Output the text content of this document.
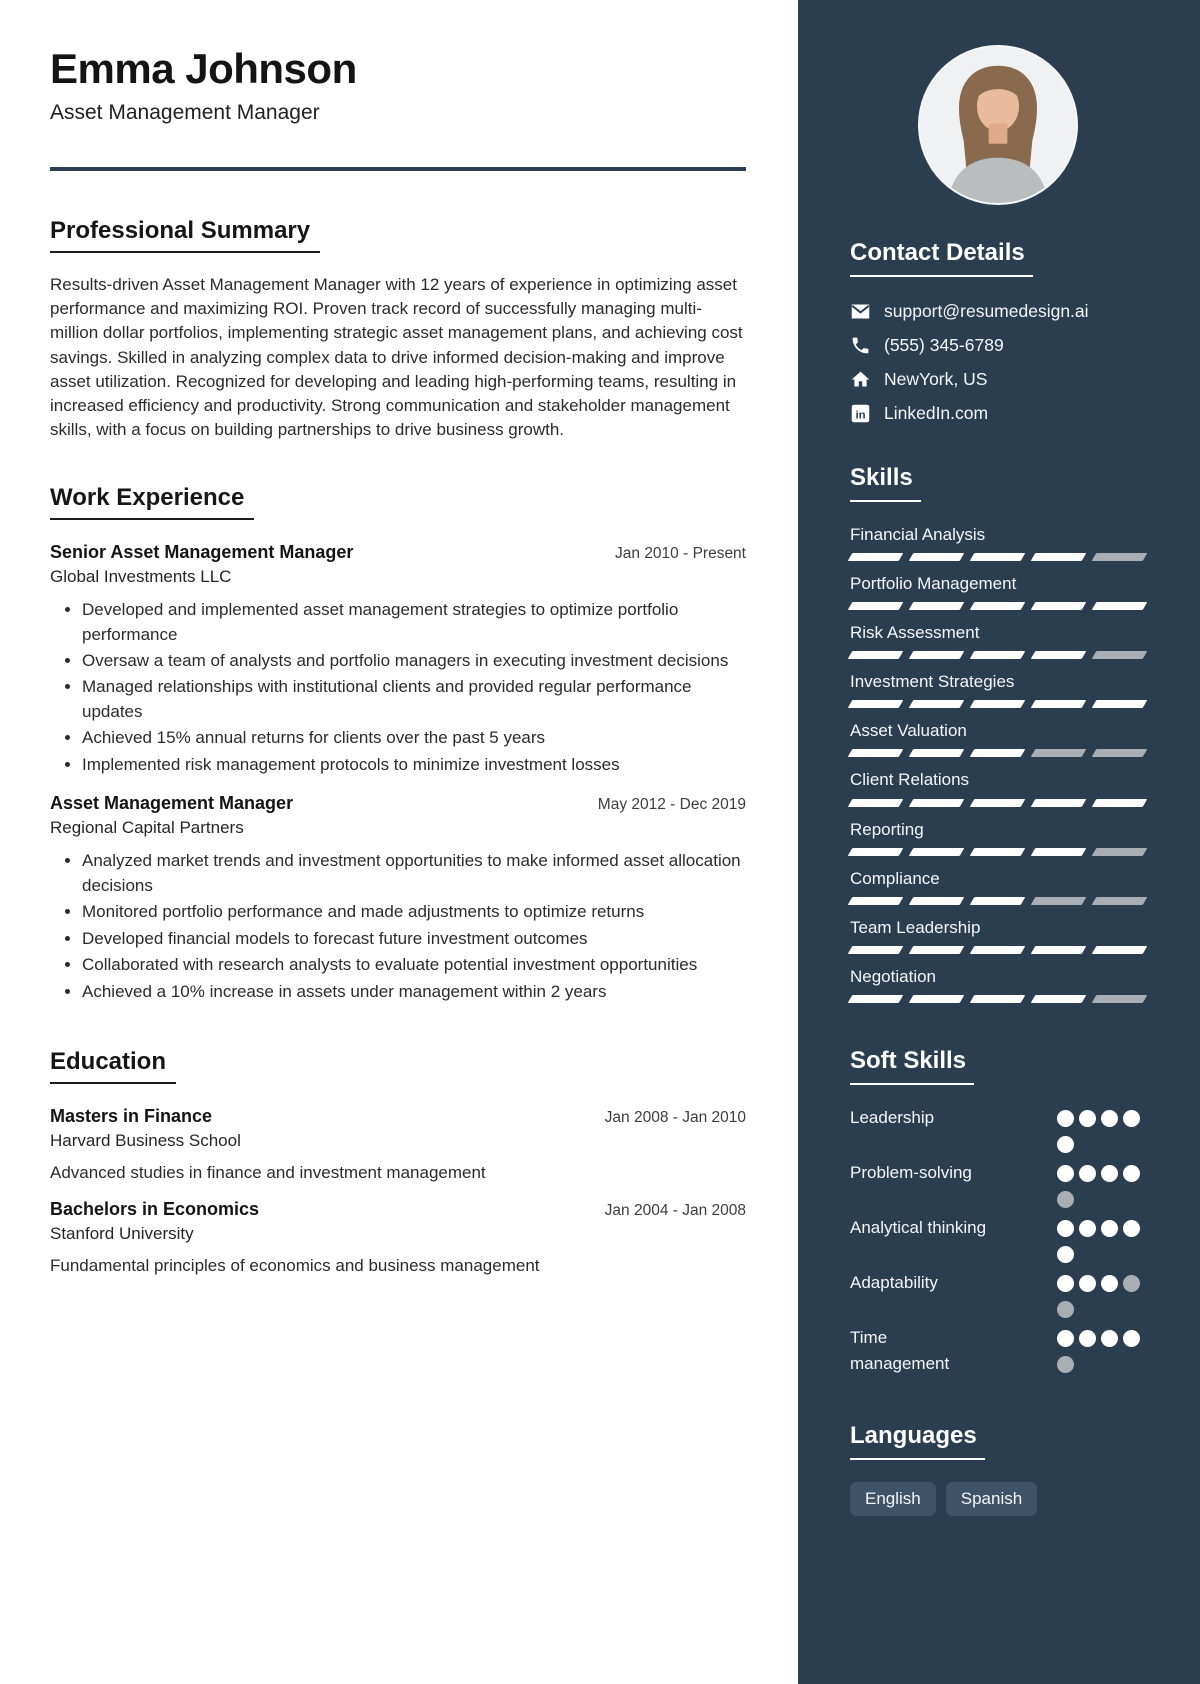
Emma Johnson
Asset Management Manager
Professional Summary

Results-driven Asset Management Manager with 12 years of experience in optimizing asset performance and maximizing ROI. Proven track record of successfully managing multi-million dollar portfolios, implementing strategic asset management plans, and achieving cost savings. Skilled in analyzing complex data to drive informed decision-making and improve asset utilization. Recognized for developing and leading high-performing teams, resulting in increased efficiency and productivity. Strong communication and stakeholder management skills, with a focus on building partnerships to drive business growth.

Work Experience
Senior Asset Management Manager	Jan 2010 - Present
Global Investments LLC
• Developed and implemented asset management strategies to optimize portfolio performance
• Oversaw a team of analysts and portfolio managers in executing investment decisions
• Managed relationships with institutional clients and provided regular performance updates
• Achieved 15% annual returns for clients over the past 5 years
• Implemented risk management protocols to minimize investment losses
Asset Management Manager	May 2012 - Dec 2019
Regional Capital Partners
• Analyzed market trends and investment opportunities to make informed asset allocation decisions
• Monitored portfolio performance and made adjustments to optimize returns
• Developed financial models to forecast future investment outcomes
• Collaborated with research analysts to evaluate potential investment opportunities
• Achieved a 10% increase in assets under management within 2 years
Education
Masters in Finance	Jan 2008 - Jan 2010
Harvard Business School
Advanced studies in finance and investment management
Bachelors in Economics	Jan 2004 - Jan 2008
Stanford University
Fundamental principles of economics and business management
Contact Details
support@resumedesign.ai
(555) 345-6789
NewYork, US
in LinkedIn.com
Skills
Financial Analysis
Portfolio Management
Risk Assessment
Investment Strategies
Asset Valuation
Client Relations
Reporting
Compliance
Team Leadership
Negotiation
Soft Skills
Leadership
Problem-solving
Analytical thinking
Adaptability
Time management
Languages
English	Spanish
